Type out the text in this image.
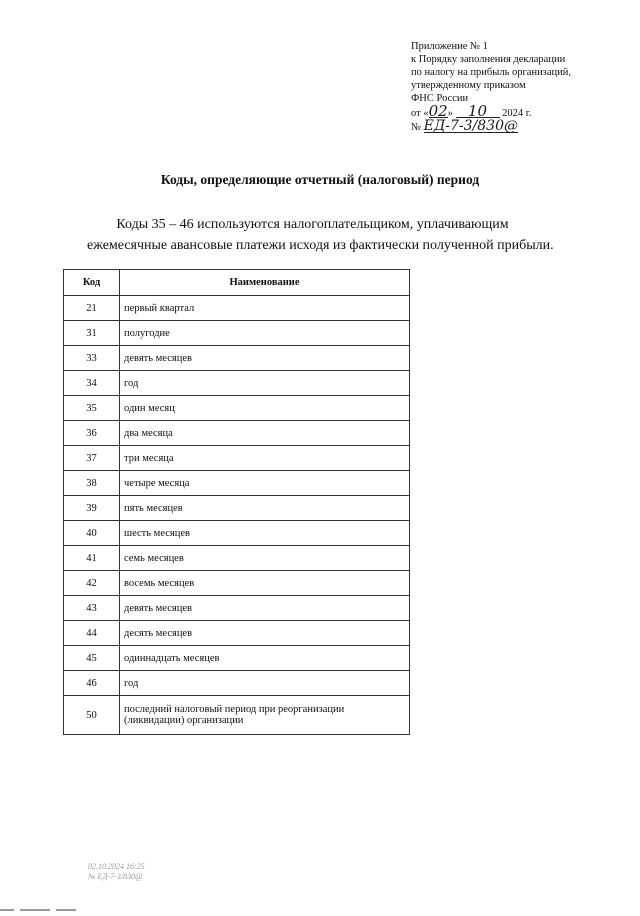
Приложение № 1
к Порядку заполнения декларации
по налогу на прибыль организаций,
утвержденному приказом
ФНС России
от «02» 10 2024 г.
№ ЕД-7-3/830@
Коды, определяющие отчетный (налоговый) период
Коды 35 – 46 используются налогоплательщиком, уплачивающим ежемесячные авансовые платежи исходя из фактически полученной прибыли.
Код	Наименование
21	первый квартал
31	полугодие
33	девять месяцев
34	год
35	один месяц
36	два месяца
37	три месяца
38	четыре месяца
39	пять месяцев
40	шесть месяцев
41	семь месяцев
42	восемь месяцев
43	девять месяцев
44	десять месяцев
45	одиннадцать месяцев
46	год
50	последний налоговый период при реорганизации (ликвидации) организации
02.10.2024 16:25
№ ЕД-7-3/830@
